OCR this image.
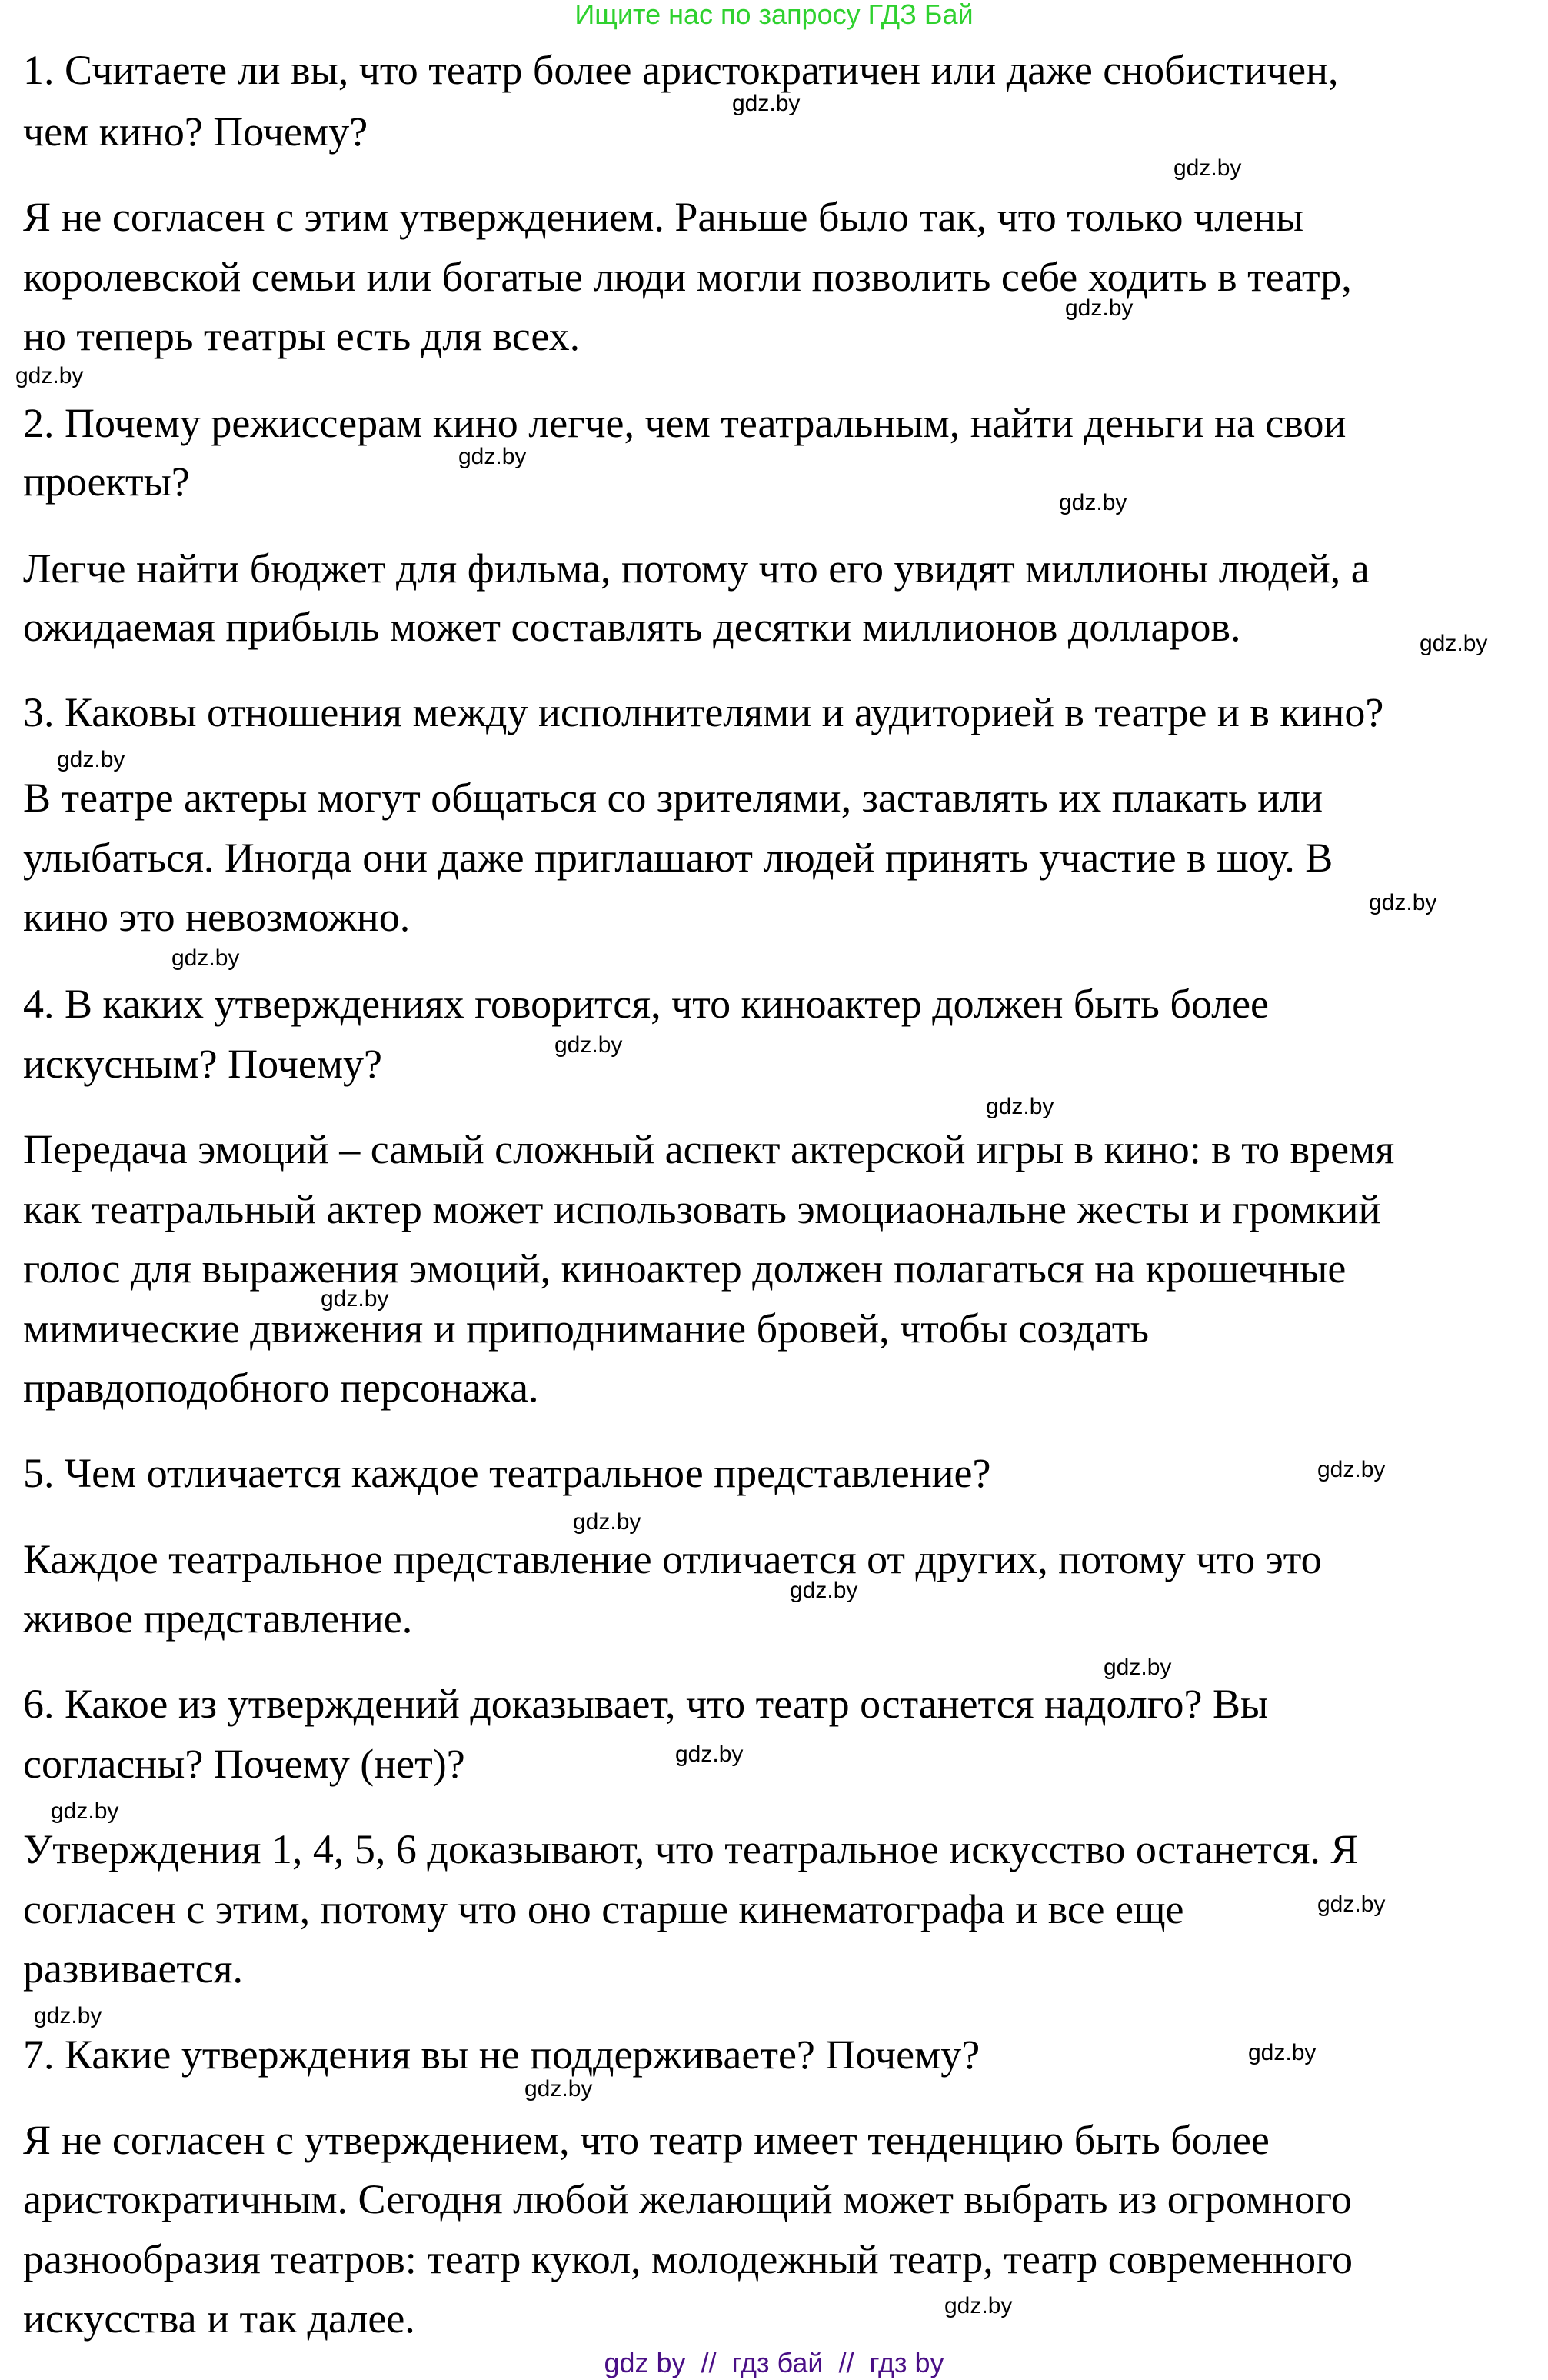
Ищите нас по запросу ГДЗ Бай
1. Считаете ли вы, что театр более аристократичен или даже снобистичен,
чем кино? Почему?
Я не согласен с этим утверждением. Раньше было так, что только члены
королевской семьи или богатые люди могли позволить себе ходить в театр,
но теперь театры есть для всех.
2. Почему режиссерам кино легче, чем театральным, найти деньги на свои
проекты?
Легче найти бюджет для фильма, потому что его увидят миллионы людей, а
ожидаемая прибыль может составлять десятки миллионов долларов.
3. Каковы отношения между исполнителями и аудиторией в театре и в кино?
В театре актеры могут общаться со зрителями, заставлять их плакать или
улыбаться. Иногда они даже приглашают людей принять участие в шоу. В
кино это невозможно.
4. В каких утверждениях говорится, что киноактер должен быть более
искусным? Почему?
Передача эмоций – самый сложный аспект актерской игры в кино: в то время
как театральный актер может использовать эмоциаональне жесты и громкий
голос для выражения эмоций, киноактер должен полагаться на крошечные
мимические движения и приподнимание бровей, чтобы создать
правдоподобного персонажа.
5. Чем отличается каждое театральное представление?
Каждое театральное представление отличается от других, потому что это
живое представление.
6. Какое из утверждений доказывает, что театр останется надолго? Вы
согласны? Почему (нет)?
Утверждения 1, 4, 5, 6 доказывают, что театральное искусство останется. Я
согласен с этим, потому что оно старше кинематографа и все еще
развивается.
7. Какие утверждения вы не поддерживаете? Почему?
Я не согласен с утверждением, что театр имеет тенденцию быть более
аристократичным. Сегодня любой желающий может выбрать из огромного
разнообразия театров: театр кукол, молодежный театр, театр современного
искусства и так далее.
gdz.by
gdz.by
gdz.by
gdz.by
gdz.by
gdz.by
gdz.by
gdz.by
gdz.by
gdz.by
gdz.by
gdz.by
gdz.by
gdz.by
gdz.by
gdz.by
gdz.by
gdz.by
gdz.by
gdz.by
gdz.by
gdz.by
gdz.by
gdz.by
gdz by  //  гдз бай  //  гдз by
